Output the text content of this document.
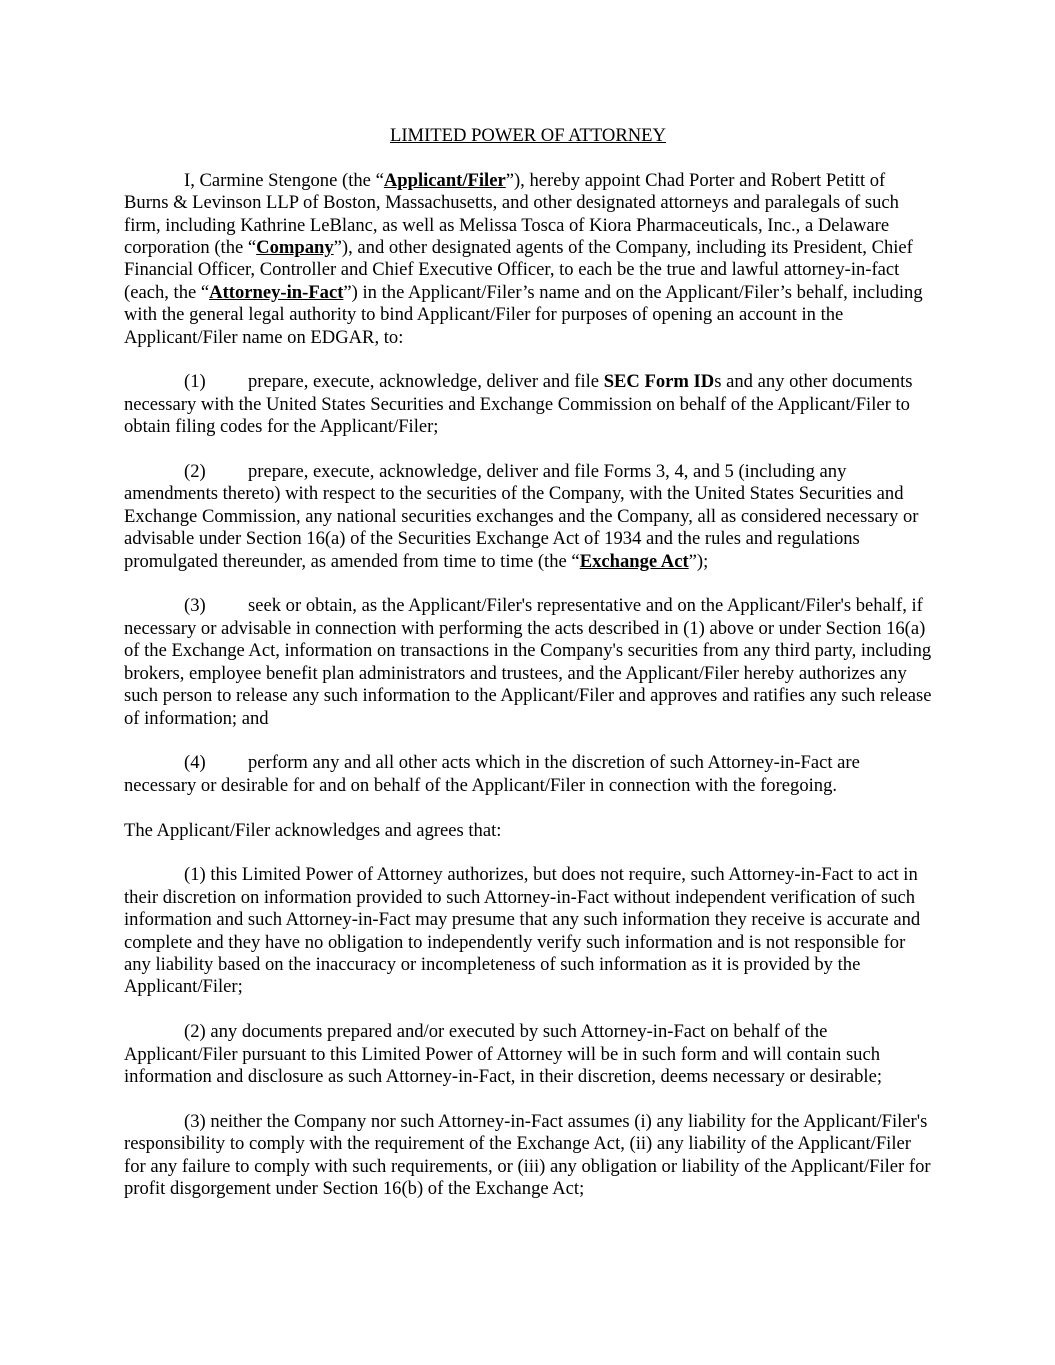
LIMITED POWER OF ATTORNEY

I, Carmine Stengone (the “Applicant/Filer”), hereby appoint Chad Porter and Robert Petitt of Burns & Levinson LLP of Boston, Massachusetts, and other designated attorneys and paralegals of such firm, including Kathrine LeBlanc, as well as Melissa Tosca of Kiora Pharmaceuticals, Inc., a Delaware corporation (the “Company”), and other designated agents of the Company, including its President, Chief Financial Officer, Controller and Chief Executive Officer, to each be the true and lawful attorney-in-fact (each, the “Attorney-in-Fact”) in the Applicant/Filer’s name and on the Applicant/Filer’s behalf, including with the general legal authority to bind Applicant/Filer for purposes of opening an account in the Applicant/Filer name on EDGAR, to:

(1) prepare, execute, acknowledge, deliver and file SEC Form IDs and any other documents necessary with the United States Securities and Exchange Commission on behalf of the Applicant/Filer to obtain filing codes for the Applicant/Filer;

(2) prepare, execute, acknowledge, deliver and file Forms 3, 4, and 5 (including any amendments thereto) with respect to the securities of the Company, with the United States Securities and Exchange Commission, any national securities exchanges and the Company, all as considered necessary or advisable under Section 16(a) of the Securities Exchange Act of 1934 and the rules and regulations promulgated thereunder, as amended from time to time (the “Exchange Act”);

(3) seek or obtain, as the Applicant/Filer's representative and on the Applicant/Filer's behalf, if necessary or advisable in connection with performing the acts described in (1) above or under Section 16(a) of the Exchange Act, information on transactions in the Company's securities from any third party, including brokers, employee benefit plan administrators and trustees, and the Applicant/Filer hereby authorizes any such person to release any such information to the Applicant/Filer and approves and ratifies any such release of information; and

(4) perform any and all other acts which in the discretion of such Attorney-in-Fact are necessary or desirable for and on behalf of the Applicant/Filer in connection with the foregoing.

The Applicant/Filer acknowledges and agrees that:

(1) this Limited Power of Attorney authorizes, but does not require, such Attorney-in-Fact to act in their discretion on information provided to such Attorney-in-Fact without independent verification of such information and such Attorney-in-Fact may presume that any such information they receive is accurate and complete and they have no obligation to independently verify such information and is not responsible for any liability based on the inaccuracy or incompleteness of such information as it is provided by the Applicant/Filer;

(2) any documents prepared and/or executed by such Attorney-in-Fact on behalf of the Applicant/Filer pursuant to this Limited Power of Attorney will be in such form and will contain such information and disclosure as such Attorney-in-Fact, in their discretion, deems necessary or desirable;

(3) neither the Company nor such Attorney-in-Fact assumes (i) any liability for the Applicant/Filer's responsibility to comply with the requirement of the Exchange Act, (ii) any liability of the Applicant/Filer for any failure to comply with such requirements, or (iii) any obligation or liability of the Applicant/Filer for profit disgorgement under Section 16(b) of the Exchange Act;
